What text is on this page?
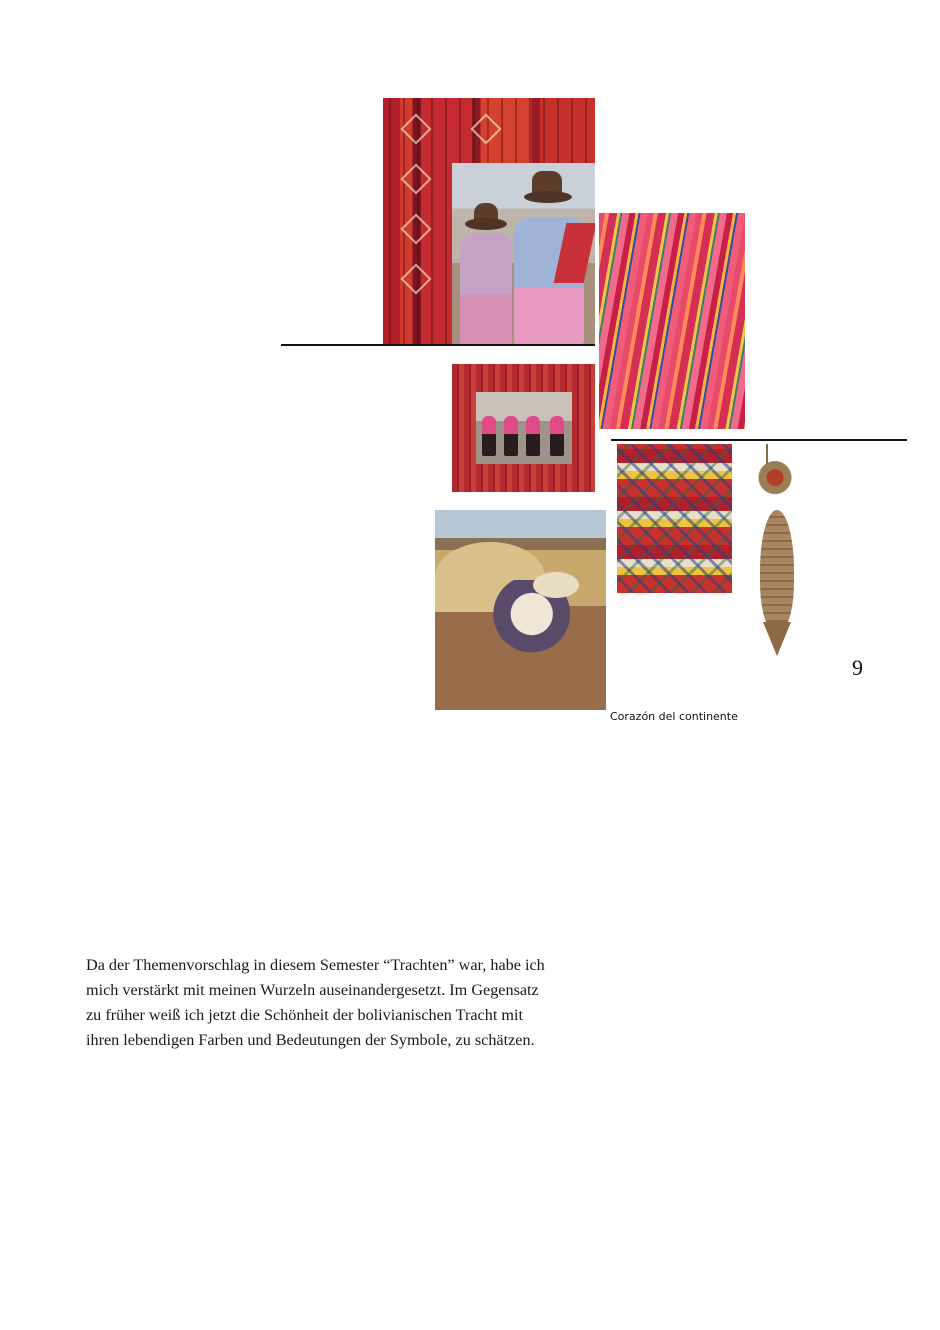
9
Corazón del continente

Da der Themenvorschlag in diesem Semester “Trachten” war, habe ich

mich verstärkt mit meinen Wurzeln auseinandergesetzt. Im Gegensatz

zu früher weiß ich jetzt die Schönheit der bolivianischen Tracht mit

ihren lebendigen Farben und Bedeutungen der Symbole, zu schätzen.
